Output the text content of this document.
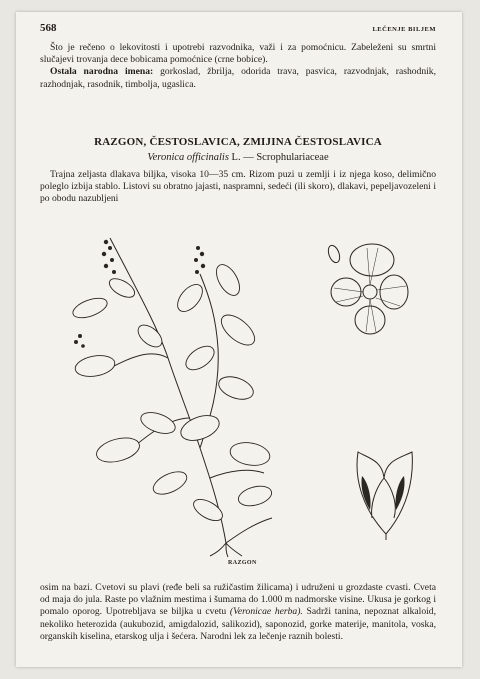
568	LEČENJE BILJEM

Što je rečeno o lekovitosti i upotrebi razvodnika, važi i za pomoćnicu. Zabeleženi su smrtni slučajevi trovanja dece bobicama pomoćnice (crne bobice).

Ostala narodna imena: gorkoslad, žbrilja, odorida trava, pasvica, razvodnjak, rashodnik, razhodnjak, rasodnik, timbolja, ugaslica.

RAZGON, ČESTOSLAVICA, ZMIJINA ČESTOSLAVICA
Veronica officinalis L. — Scrophulariaceae

Trajna zeljasta dlakava biljka, visoka 10—35 cm. Rizom puzi u zemlji i iz njega koso, delimično poleglo izbija stablo. Listovi su obratno jajasti, naspramni, sedeći (ili skoro), dlakavi, pepeljavozeleni i po obodu nazubljeni

RAZGON

osim na bazi. Cvetovi su plavi (ređe beli sa ružičastim žilicama) i udruženi u grozdaste cvasti. Cveta od maja do jula. Raste po vlažnim mestima i šumama do 1.000 m nadmorske visine. Ukusa je gorkog i pomalo oporog. Upotrebljava se biljka u cvetu (Veronicae herba). Sadrži tanina, nepoznat alkaloid, nekoliko heterozida (aukubozid, amigdalozid, salikozid), saponozid, gorke materije, manitola, voska, organskih kiselina, etarskog ulja i šećera. Narodni lek za lečenje raznih bolesti.
